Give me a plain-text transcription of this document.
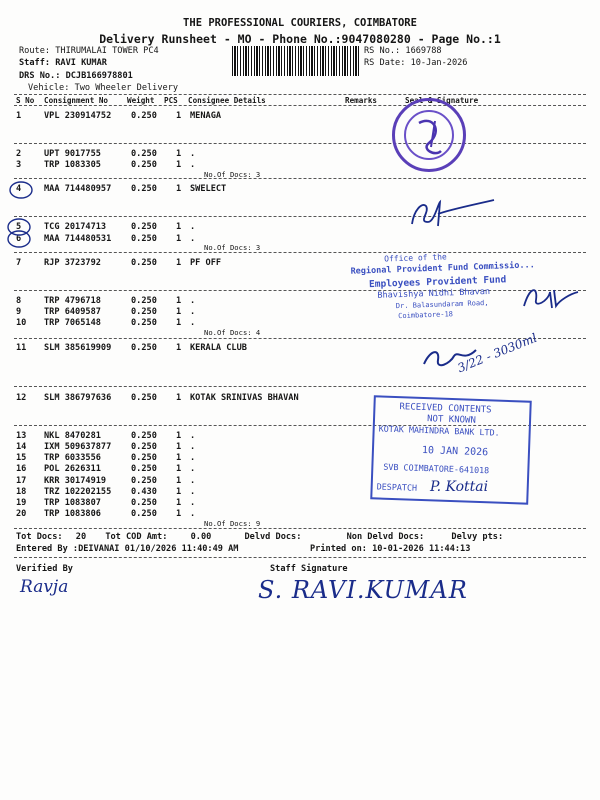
THE PROFESSIONAL COURIERS, COIMBATORE
Delivery Runsheet - MO - Phone No.:9047080280 - Page No.:1
Route: THIRUMALAI TOWER PC4
Staff: RAVI KUMAR
DRS No.: DCJB166978801
Vehicle: Two Wheeler Delivery
RS No.: 1669788
RS Date: 10-Jan-2026
S No Consignment No Weight PCS Consignee Details	Remarks	Seal & Signature
1	VPL 230914752 0.250 1 MENAGA
2	UPT 9017755	0.250 1 .
3	TRP 1083305	0.250 1 .
No.Of Docs: 3
4	MAA 714480957 0.250 1 SWELECT
5	TCG 20174713	0.250 1 .
6	MAA 714480531 0.250 1 .
No.Of Docs: 3
7	RJP 3723792	0.250 1 PF OFF
8	TRP 4796718	0.250 1 .
9	TRP 6409587	0.250 1 .
10 TRP 7065148	0.250 1 .
No.Of Docs: 4
11 SLM 385619909 0.250 1 KERALA CLUB
12 SLM 386797636 0.250 1 KOTAK SRINIVAS BHAVAN
13 NKL 8470281	0.250 1 .
14 IXM 509637877 0.250 1 .
15 TRP 6033556	0.250 1 .
16 POL 2626311	0.250 1 .
17 KRR 30174919	0.250 1 .
18 TRZ 102202155 0.430 1 .
19 TRP 1083807	0.250 1 .
20 TRP 1083806	0.250 1 .
No.Of Docs: 9
Tot Docs: 20 Tot COD Amt:	0.00	Delvd Docs:	Non Delvd Docs:	Delvy pts:
Entered By :DEIVANAI 01/10/2026 11:40:49 AM	Printed on: 10-01-2026 11:44:13
Verified By	Staff Signature
Ravja	S. RAVI.KUMAR
Office of the
Regional Provident Fund Commissio...
Employees Provident Fund
Bhavishya Nidhi Bhavan
Dr. Balasundaram Road,
Coimbatore-18
3/22 - 3030ml
RECEIVED CONTENTS
NOT KNOWN
KOTAK MAHINDRA BANK LTD.
10 JAN 2026
SVB COIMBATORE-641018
DESPATCH P. Kottai
